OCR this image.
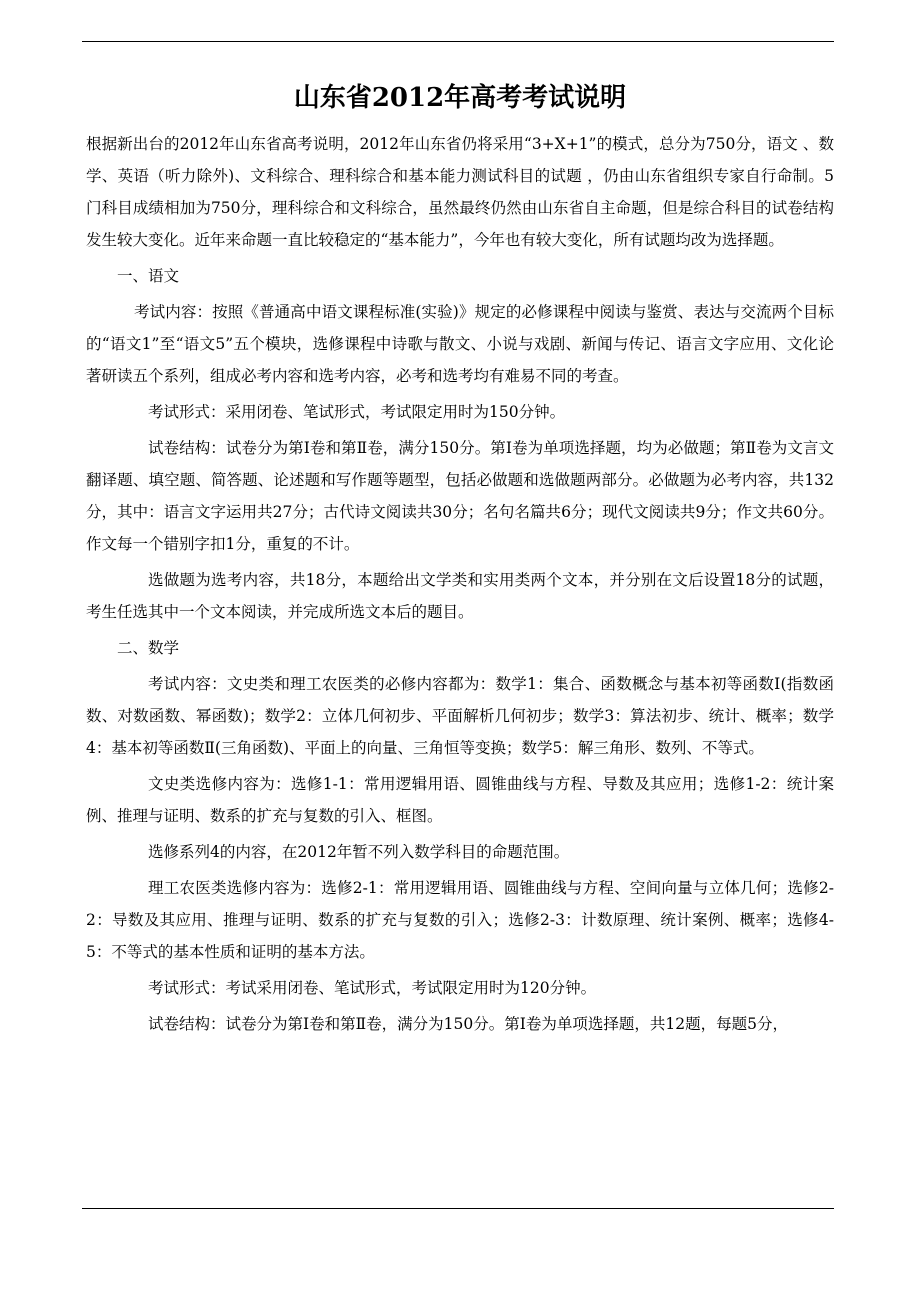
山东省2012年高考考试说明

根据新出台的2012年山东省高考说明，2012年山东省仍将采用“3+X+1”的模式，总分为750分，语文 、数学、英语（听力除外)、文科综合、理科综合和基本能力测试科目的试题 ，仍由山东省组织专家自行命制。5门科目成绩相加为750分，理科综合和文科综合，虽然最终仍然由山东省自主命题，但是综合科目的试卷结构发生较大变化。近年来命题一直比较稳定的“基本能力”，今年也有较大变化，所有试题均改为选择题。

一、语文

考试内容：按照《普通高中语文课程标准(实验)》规定的必修课程中阅读与鉴赏、表达与交流两个目标的“语文1”至“语文5”五个模块，选修课程中诗歌与散文、小说与戏剧、新闻与传记、语言文字应用、文化论著研读五个系列，组成必考内容和选考内容，必考和选考均有难易不同的考查。

考试形式：采用闭卷、笔试形式，考试限定用时为150分钟。

试卷结构：试卷分为第Ⅰ卷和第Ⅱ卷，满分150分。第Ⅰ卷为单项选择题，均为必做题；第Ⅱ卷为文言文翻译题、填空题、简答题、论述题和写作题等题型，包括必做题和选做题两部分。必做题为必考内容，共132分，其中：语言文字运用共27分；古代诗文阅读共30分；名句名篇共6分；现代文阅读共9分；作文共60分。作文每一个错别字扣1分，重复的不计。

选做题为选考内容，共18分，本题给出文学类和实用类两个文本，并分别在文后设置18分的试题，考生任选其中一个文本阅读，并完成所选文本后的题目。

二、数学

考试内容：文史类和理工农医类的必修内容都为：数学1：集合、函数概念与基本初等函数Ⅰ(指数函数、对数函数、幂函数)；数学2：立体几何初步、平面解析几何初步；数学3：算法初步、统计、概率；数学4：基本初等函数Ⅱ(三角函数)、平面上的向量、三角恒等变换；数学5：解三角形、数列、不等式。

文史类选修内容为：选修1-1：常用逻辑用语、圆锥曲线与方程、导数及其应用；选修1-2：统计案例、推理与证明、数系的扩充与复数的引入、框图。

选修系列4的内容，在2012年暂不列入数学科目的命题范围。

理工农医类选修内容为：选修2-1：常用逻辑用语、圆锥曲线与方程、空间向量与立体几何；选修2-2：导数及其应用、推理与证明、数系的扩充与复数的引入；选修2-3：计数原理、统计案例、概率；选修4-5：不等式的基本性质和证明的基本方法。

考试形式：考试采用闭卷、笔试形式，考试限定用时为120分钟。

试卷结构：试卷分为第Ⅰ卷和第Ⅱ卷，满分为150分。第Ⅰ卷为单项选择题，共12题，每题5分，
